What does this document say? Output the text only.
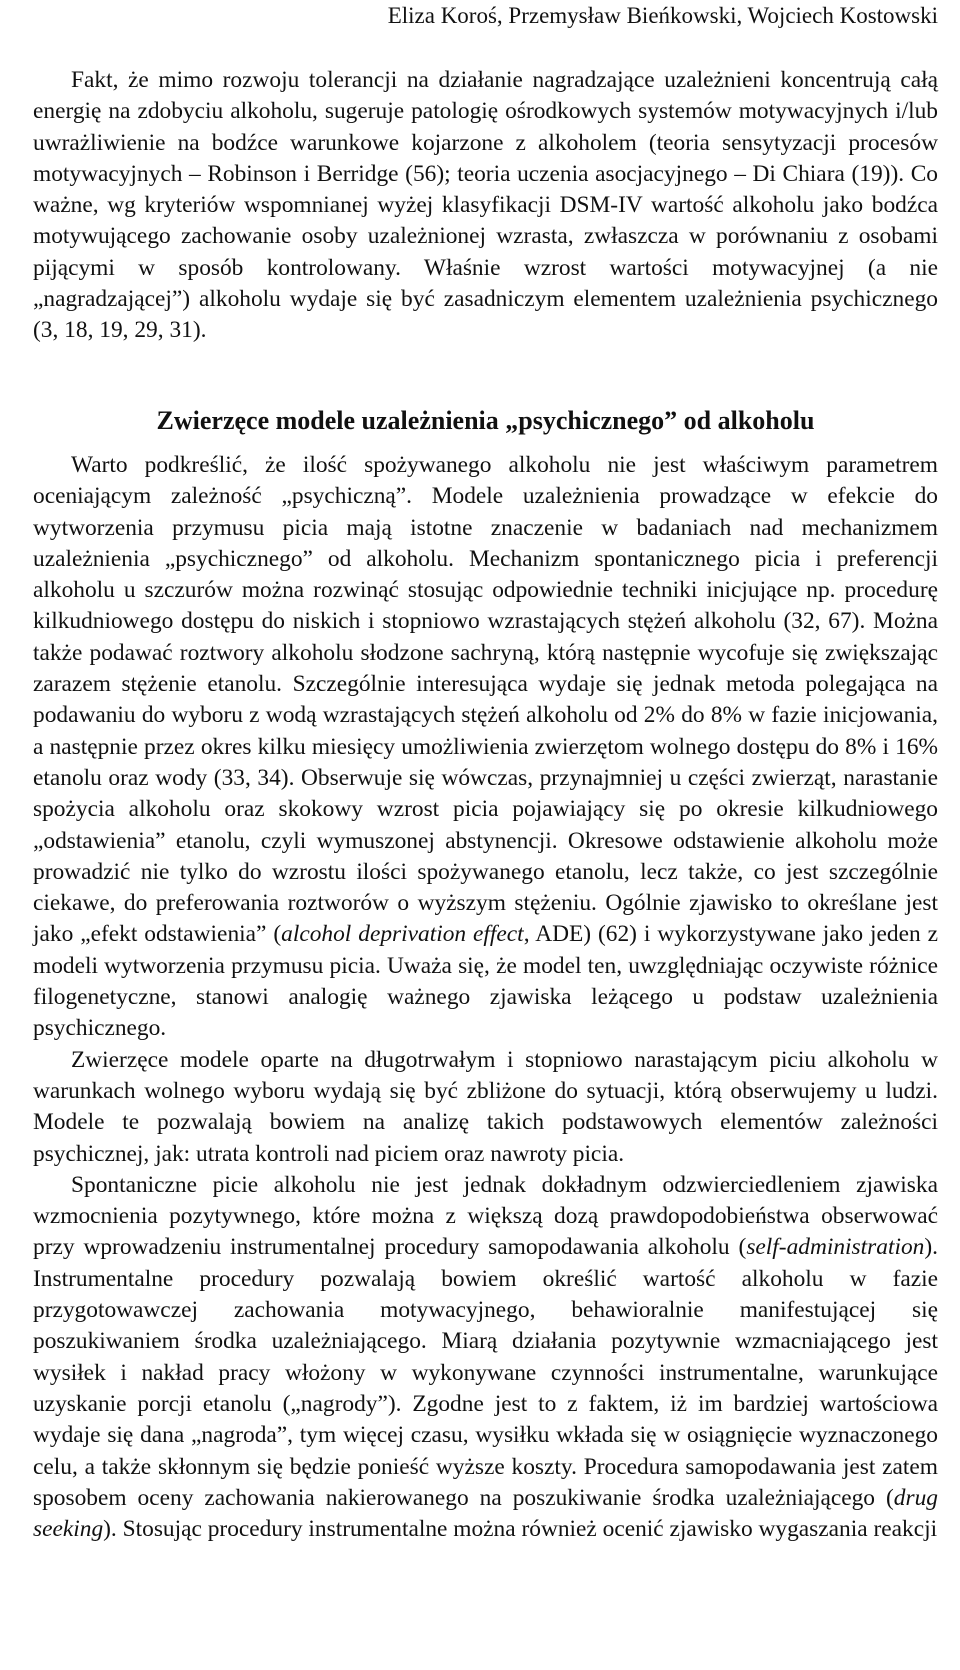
Eliza Koroś, Przemysław Bieńkowski, Wojciech Kostowski

Fakt, że mimo rozwoju tolerancji na działanie nagradzające uzależnieni koncentrują całą energię na zdobyciu alkoholu, sugeruje patologię ośrodkowych systemów motywacyjnych i/lub uwrażliwienie na bodźce warunkowe kojarzone z alkoholem (teoria sensytyzacji procesów motywacyjnych – Robinson i Berridge (56); teoria uczenia asocjacyjnego – Di Chiara (19)). Co ważne, wg kryteriów wspomnianej wyżej klasyfikacji DSM-IV wartość alkoholu jako bodźca motywującego zachowanie osoby uzależnionej wzrasta, zwłaszcza w porównaniu z osobami pijącymi w sposób kontrolowany. Właśnie wzrost wartości motywacyjnej (a nie „nagradzającej”) alkoholu wydaje się być zasadniczym elementem uzależnienia psychicznego (3, 18, 19, 29, 31).

Zwierzęce modele uzależnienia „psychicznego” od alkoholu

Warto podkreślić, że ilość spożywanego alkoholu nie jest właściwym parametrem oceniającym zależność „psychiczną”. Modele uzależnienia prowadzące w efekcie do wytworzenia przymusu picia mają istotne znaczenie w badaniach nad mechanizmem uzależnienia „psychicznego” od alkoholu. Mechanizm spontanicznego picia i preferencji alkoholu u szczurów można rozwinąć stosując odpowiednie techniki inicjujące np. procedurę kilkudniowego dostępu do niskich i stopniowo wzrastających stężeń alkoholu (32, 67). Można także podawać roztwory alkoholu słodzone sachryną, którą następnie wycofuje się zwiększając zarazem stężenie etanolu. Szczególnie interesująca wydaje się jednak metoda polegająca na podawaniu do wyboru z wodą wzrastających stężeń alkoholu od 2% do 8% w fazie inicjowania, a następnie przez okres kilku miesięcy umożliwienia zwierzętom wolnego dostępu do 8% i 16% etanolu oraz wody (33, 34). Obserwuje się wówczas, przynajmniej u części zwierząt, narastanie spożycia alkoholu oraz skokowy wzrost picia pojawiający się po okresie kilkudniowego „odstawienia” etanolu, czyli wymuszonej abstynencji. Okresowe odstawienie alkoholu może prowadzić nie tylko do wzrostu ilości spożywanego etanolu, lecz także, co jest szczególnie ciekawe, do preferowania roztworów o wyższym stężeniu. Ogólnie zjawisko to określane jest jako „efekt odstawienia” (alcohol deprivation effect, ADE) (62) i wykorzystywane jako jeden z modeli wytworzenia przymusu picia. Uważa się, że model ten, uwzględniając oczywiste różnice filogenetyczne, stanowi analogię ważnego zjawiska leżącego u podstaw uzależnienia psychicznego.

Zwierzęce modele oparte na długotrwałym i stopniowo narastającym piciu alkoholu w warunkach wolnego wyboru wydają się być zbliżone do sytuacji, którą obserwujemy u ludzi. Modele te pozwalają bowiem na analizę takich podstawowych elementów zależności psychicznej, jak: utrata kontroli nad piciem oraz nawroty picia.

Spontaniczne picie alkoholu nie jest jednak dokładnym odzwierciedleniem zjawiska wzmocnienia pozytywnego, które można z większą dozą prawdopodobieństwa obserwować przy wprowadzeniu instrumentalnej procedury samopodawania alkoholu (self-administration). Instrumentalne procedury pozwalają bowiem określić wartość alkoholu w fazie przygotowawczej zachowania motywacyjnego, behawioralnie manifestującej się poszukiwaniem środka uzależniającego. Miarą działania pozytywnie wzmacniającego jest wysiłek i nakład pracy włożony w wykonywane czynności instrumentalne, warunkujące uzyskanie porcji etanolu („nagrody”). Zgodne jest to z faktem, iż im bardziej wartościowa wydaje się dana „nagroda”, tym więcej czasu, wysiłku wkłada się w osiągnięcie wyznaczonego celu, a także skłonnym się będzie ponieść wyższe koszty. Procedura samopodawania jest zatem sposobem oceny zachowania nakierowanego na poszukiwanie środka uzależniającego (drug seeking). Stosując procedury instrumentalne można również ocenić zjawisko wygaszania reakcji
